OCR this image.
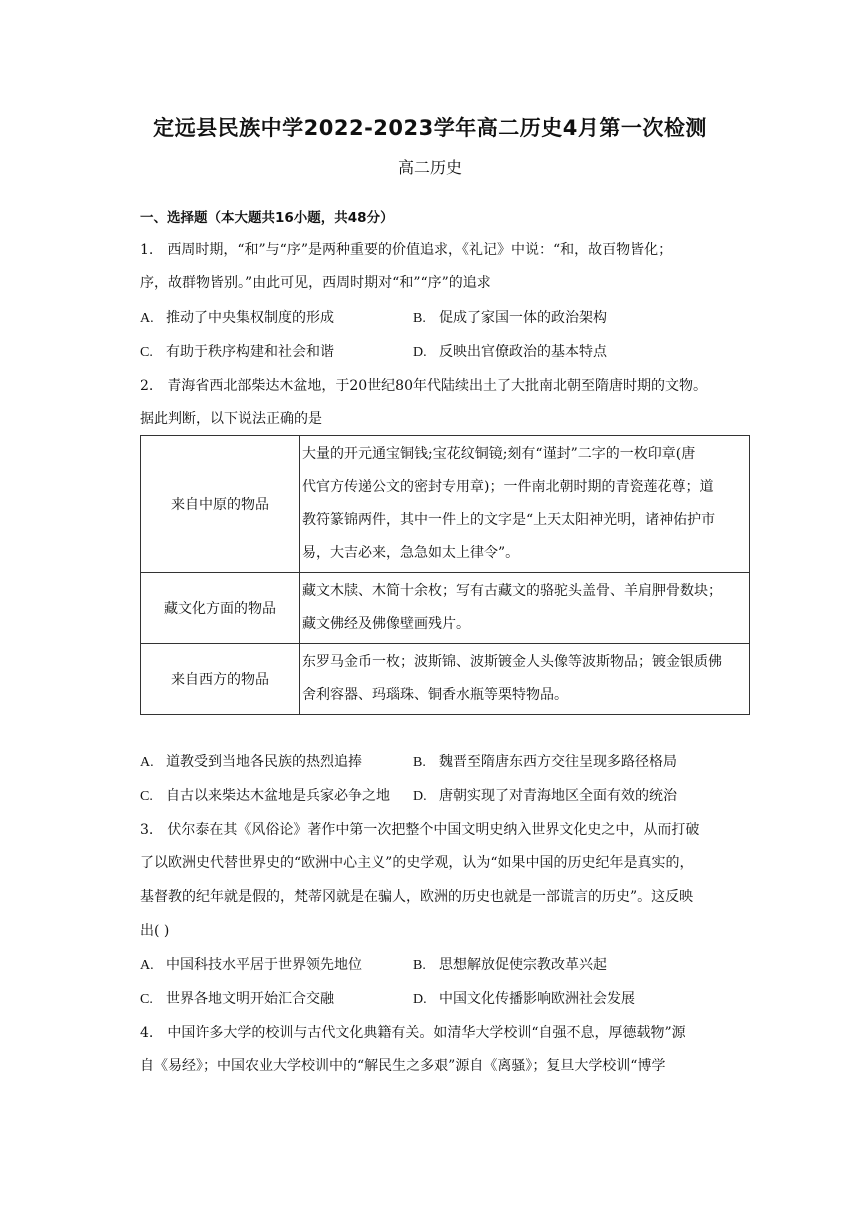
定远县民族中学2022-2023学年高二历史4月第一次检测
高二历史
一、选择题（本大题共16小题，共48分）
1.　西周时期，“和”与“序”是两种重要的价值追求，《礼记》中说：“和，故百物皆化；
序，故群物皆别。”由此可见，西周时期对“和”“序”的追求
A. 推动了中央集权制度的形成	B. 促成了家国一体的政治架构
C. 有助于秩序构建和社会和谐	D. 反映出官僚政治的基本特点
2.　青海省西北部柴达木盆地，于20世纪80年代陆续出土了大批南北朝至隋唐时期的文物。
据此判断，以下说法正确的是
来自中原的物品	大量的开元通宝铜钱;宝花纹铜镜;刻有“谨封”二字的一枚印章(唐
代官方传递公文的密封专用章)；一件南北朝时期的青瓷莲花尊；道
教符篆锦两件，其中一件上的文字是“上天太阳神光明，诸神佑护市
易，大吉必来，急急如太上律令”。

藏文化方面的物品	藏文木牍、木简十余枚；写有古藏文的骆驼头盖骨、羊肩胛骨数块；
藏文佛经及佛像壁画残片。

来自西方的物品	东罗马金币一枚；波斯锦、波斯镀金人头像等波斯物品；镀金银质佛
舍利容器、玛瑙珠、铜香水瓶等栗特物品。
A. 道教受到当地各民族的热烈追捧	B. 魏晋至隋唐东西方交往呈现多路径格局
C. 自古以来柴达木盆地是兵家必争之地 D. 唐朝实现了对青海地区全面有效的统治
3.　伏尔泰在其《风俗论》著作中第一次把整个中国文明史纳入世界文化史之中，从而打破
了以欧洲史代替世界史的“欧洲中心主义”的史学观，认为“如果中国的历史纪年是真实的，
基督教的纪年就是假的，梵蒂冈就是在骗人，欧洲的历史也就是一部谎言的历史”。这反映
出( )
A. 中国科技水平居于世界领先地位	B. 思想解放促使宗教改革兴起
C. 世界各地文明开始汇合交融	D. 中国文化传播影响欧洲社会发展
4.　中国许多大学的校训与古代文化典籍有关。如清华大学校训“自强不息，厚德载物”源
自《易经》；中国农业大学校训中的“解民生之多艰”源自《离骚》；复旦大学校训“博学
